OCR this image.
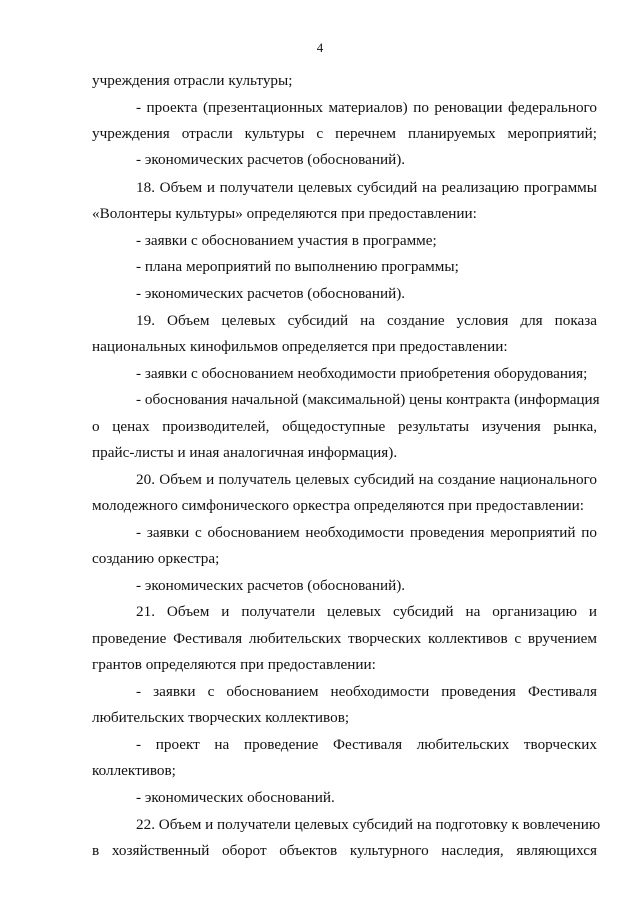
4
учреждения отрасли культуры;
- проекта (презентационных материалов) по реновации федерального
учреждения отрасли культуры с перечнем планируемых мероприятий;
- экономических расчетов (обоснований).
18. Объем и получатели целевых субсидий на реализацию программы
«Волонтеры культуры» определяются при предоставлении:
- заявки с обоснованием участия в программе;
- плана мероприятий по выполнению программы;
- экономических расчетов (обоснований).
19. Объем целевых субсидий на создание условия для показа
национальных кинофильмов определяется при предоставлении:
- заявки с обоснованием необходимости приобретения оборудования;
- обоснования начальной (максимальной) цены контракта (информация
о ценах производителей, общедоступные результаты изучения рынка,
прайс-листы и иная аналогичная информация).
20. Объем и получатель целевых субсидий на создание национального
молодежного симфонического оркестра определяются при предоставлении:
- заявки с обоснованием необходимости проведения мероприятий по
созданию оркестра;
- экономических расчетов (обоснований).
21. Объем и получатели целевых субсидий на организацию и
проведение Фестиваля любительских творческих коллективов с вручением
грантов определяются при предоставлении:
- заявки с обоснованием необходимости проведения Фестиваля
любительских творческих коллективов;
- проект на проведение Фестиваля любительских творческих
коллективов;
- экономических обоснований.
22. Объем и получатели целевых субсидий на подготовку к вовлечению
в хозяйственный оборот объектов культурного наследия, являющихся
